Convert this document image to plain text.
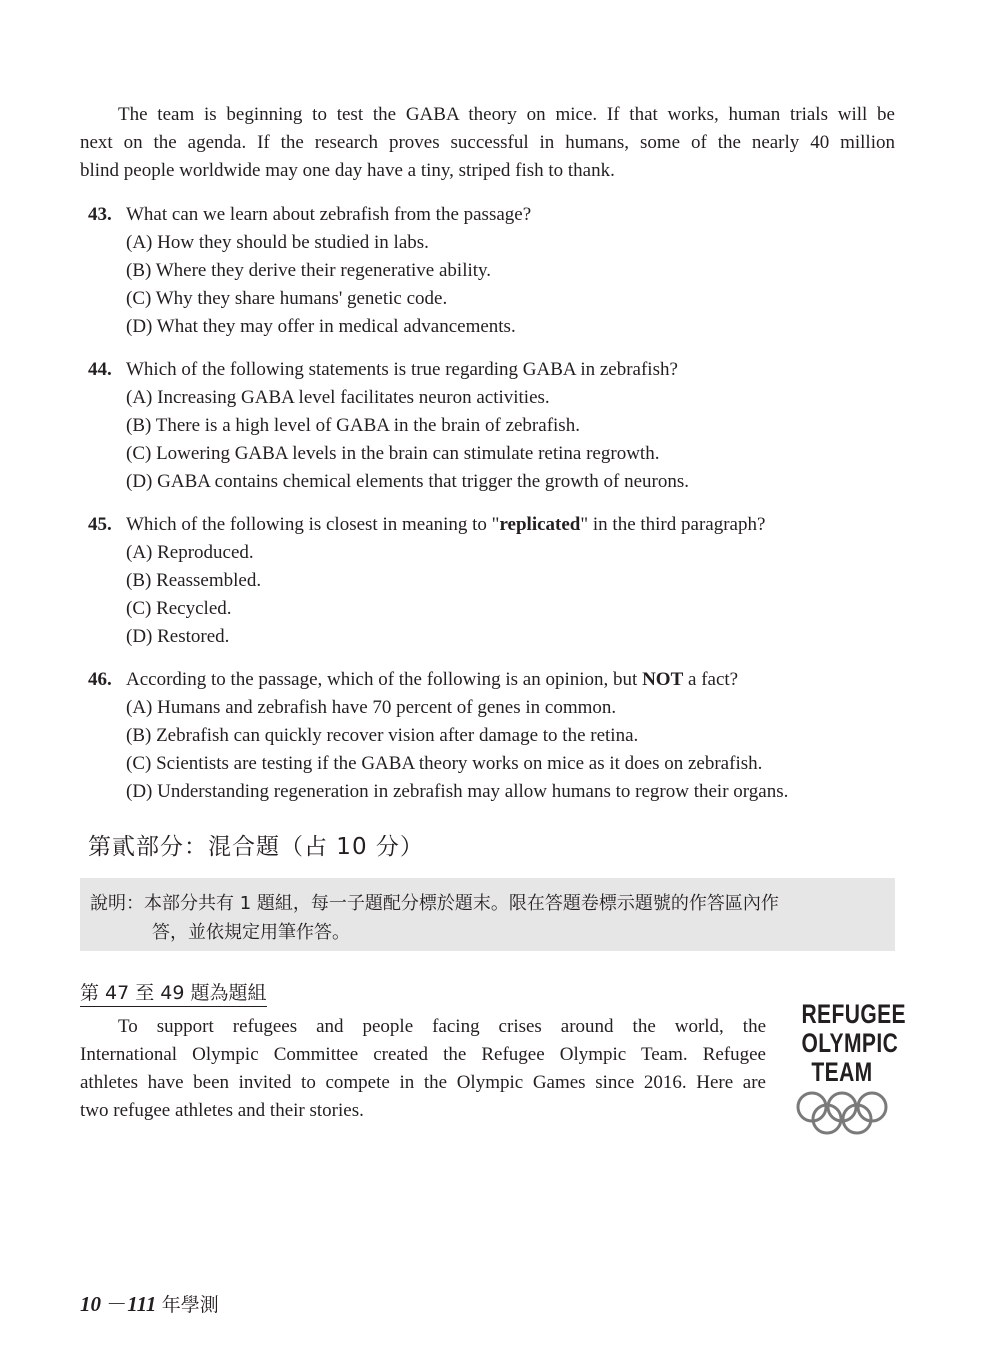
The team is beginning to test the GABA theory on mice. If that works, human trials will be
next on the agenda. If the research proves successful in humans, some of the nearly 40 million
blind people worldwide may one day have a tiny, striped fish to thank.
43. What can we learn about zebrafish from the passage?
(A) How they should be studied in labs.
(B) Where they derive their regenerative ability.
(C) Why they share humans' genetic code.
(D) What they may offer in medical advancements.
44. Which of the following statements is true regarding GABA in zebrafish?
(A) Increasing GABA level facilitates neuron activities.
(B) There is a high level of GABA in the brain of zebrafish.
(C) Lowering GABA levels in the brain can stimulate retina regrowth.
(D) GABA contains chemical elements that trigger the growth of neurons.
45. Which of the following is closest in meaning to "replicated" in the third paragraph?
(A) Reproduced.
(B) Reassembled.
(C) Recycled.
(D) Restored.
46. According to the passage, which of the following is an opinion, but NOT a fact?
(A) Humans and zebrafish have 70 percent of genes in common.
(B) Zebrafish can quickly recover vision after damage to the retina.
(C) Scientists are testing if the GABA theory works on mice as it does on zebrafish.
(D) Understanding regeneration in zebrafish may allow humans to regrow their organs.
第貳部分：混合題（占 10 分）
說明：本部分共有 1 題組，每一子題配分標於題末。限在答題卷標示題號的作答區內作
答，並依規定用筆作答。
第 47 至 49 題為題組
To support refugees and people facing crises around the world, the
International Olympic Committee created the Refugee Olympic Team. Refugee
athletes have been invited to compete in the Olympic Games since 2016. Here are
two refugee athletes and their stories.
REFUGEE
OLYMPIC
TEAM
10 －111 年學測
